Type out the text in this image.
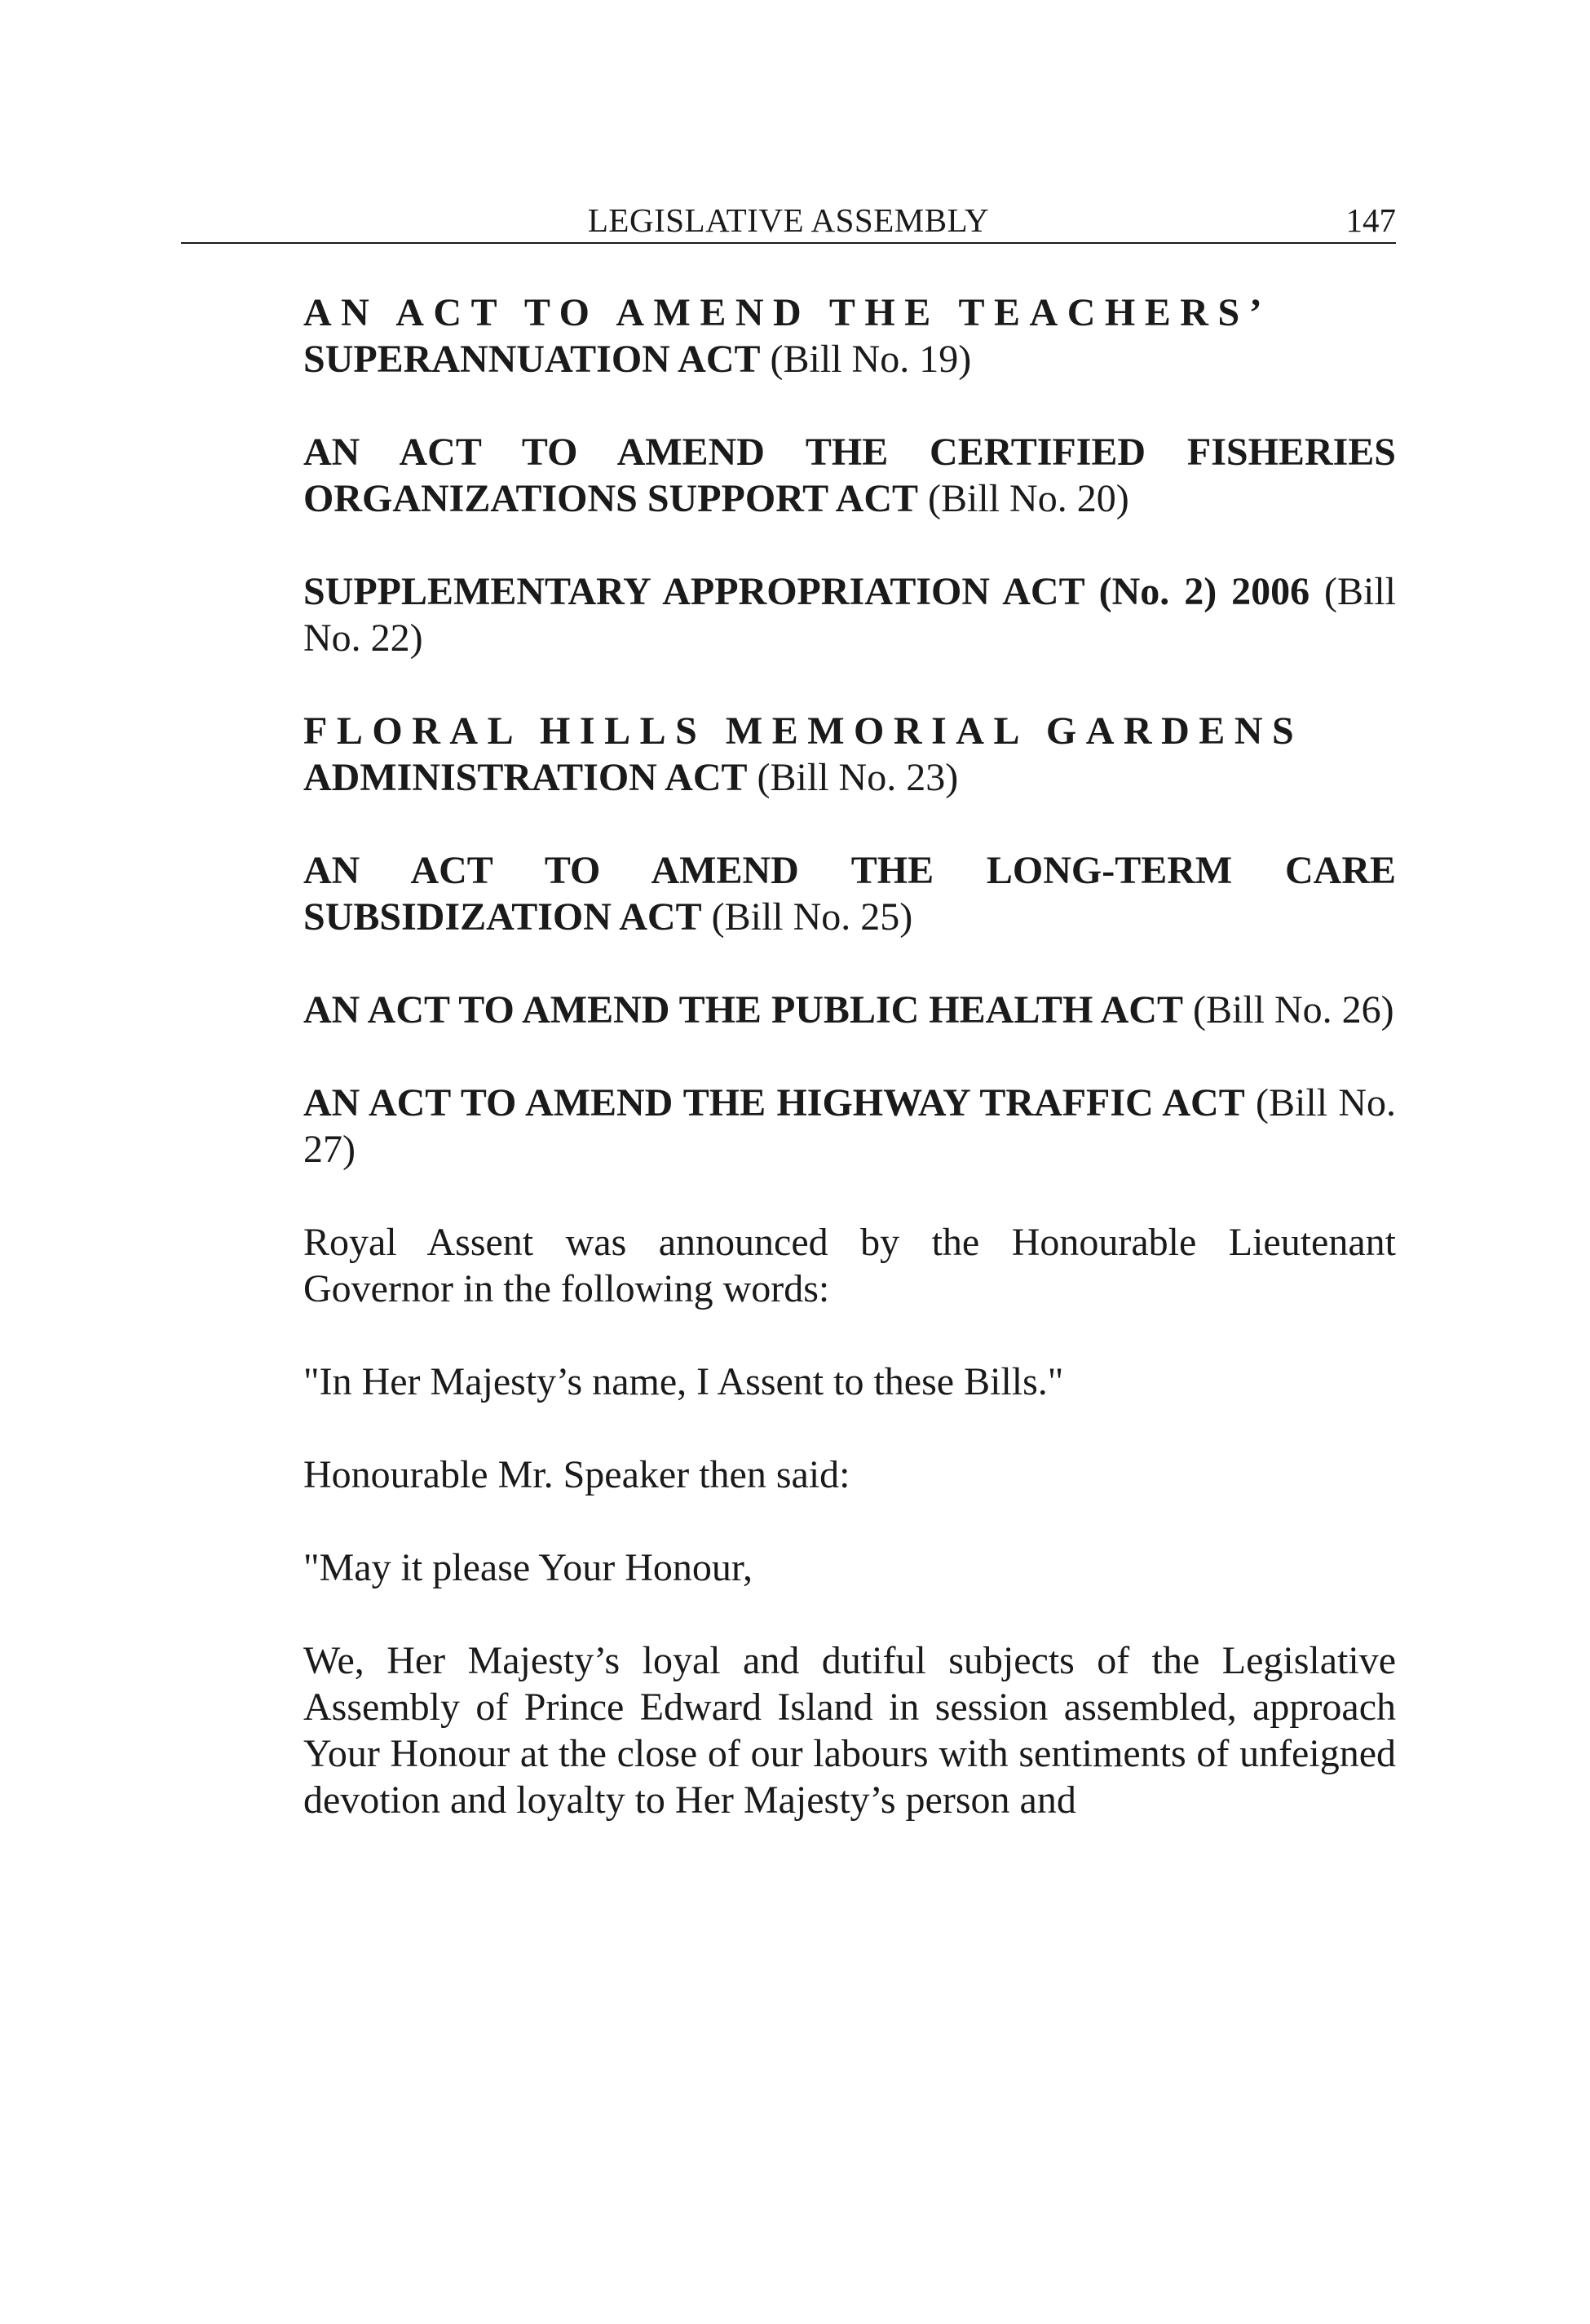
LEGISLATIVE ASSEMBLY	147

AN ACT TO AMEND THE TEACHERS’
SUPERANNUATION ACT (Bill No. 19)

AN ACT TO AMEND THE CERTIFIED FISHERIES ORGANIZATIONS SUPPORT ACT (Bill No. 20)

SUPPLEMENTARY APPROPRIATION ACT (No. 2) 2006 (Bill No. 22)

FLORAL HILLS MEMORIAL GARDENS
ADMINISTRATION ACT (Bill No. 23)

AN ACT TO AMEND THE LONG-TERM CARE SUBSIDIZATION ACT (Bill No. 25)

AN ACT TO AMEND THE PUBLIC HEALTH ACT (Bill No. 26)

AN ACT TO AMEND THE HIGHWAY TRAFFIC ACT (Bill No. 27)

Royal Assent was announced by the Honourable Lieutenant Governor in the following words:

"In Her Majesty’s name, I Assent to these Bills."

Honourable Mr. Speaker then said:

"May it please Your Honour,

We, Her Majesty’s loyal and dutiful subjects of the Legislative Assembly of Prince Edward Island in session assembled, approach Your Honour at the close of our labours with sentiments of unfeigned devotion and loyalty to Her Majesty’s person and
